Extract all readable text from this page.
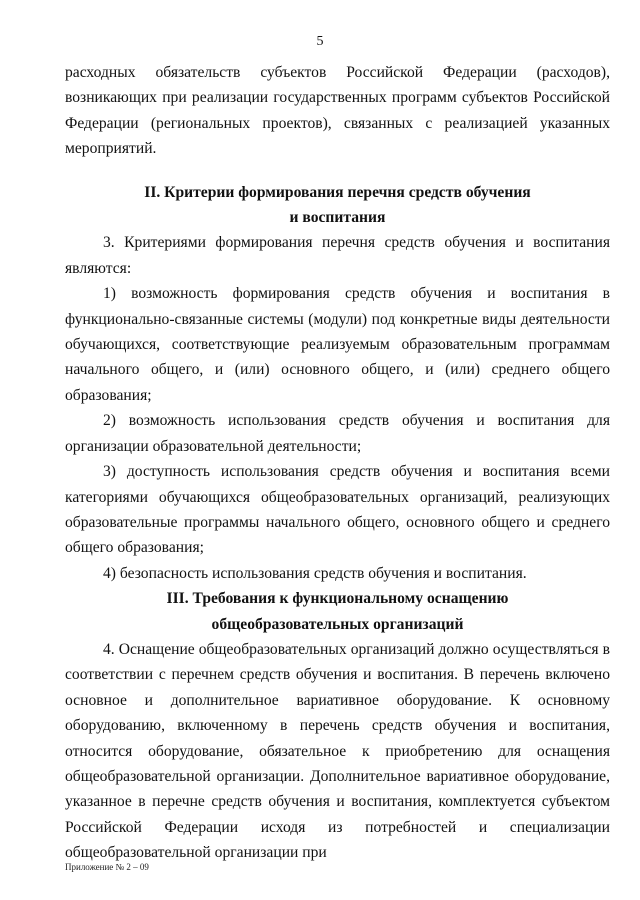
5

расходных обязательств субъектов Российской Федерации (расходов), возникающих при реализации государственных программ субъектов Российской Федерации (региональных проектов), связанных с реализацией указанных мероприятий.

II. Критерии формирования перечня средств обучения

и воспитания

3. Критериями формирования перечня средств обучения и воспитания являются:

1) возможность формирования средств обучения и воспитания в функционально-связанные системы (модули) под конкретные виды деятельности обучающихся, соответствующие реализуемым образовательным программам начального общего, и (или) основного общего, и (или) среднего общего образования;

2) возможность использования средств обучения и воспитания для организации образовательной деятельности;

3) доступность использования средств обучения и воспитания всеми категориями обучающихся общеобразовательных организаций, реализующих образовательные программы начального общего, основного общего и среднего общего образования;

4) безопасность использования средств обучения и воспитания.

III. Требования к функциональному оснащению

общеобразовательных организаций

4. Оснащение общеобразовательных организаций должно осуществляться в соответствии с перечнем средств обучения и воспитания. В перечень включено основное и дополнительное вариативное оборудование. К основному оборудованию, включенному в перечень средств обучения и воспитания, относится оборудование, обязательное к приобретению для оснащения общеобразовательной организации. Дополнительное вариативное оборудование, указанное в перечне средств обучения и воспитания, комплектуется субъектом Российской Федерации исходя из потребностей и специализации общеобразовательной организации при

Приложение № 2 – 09
